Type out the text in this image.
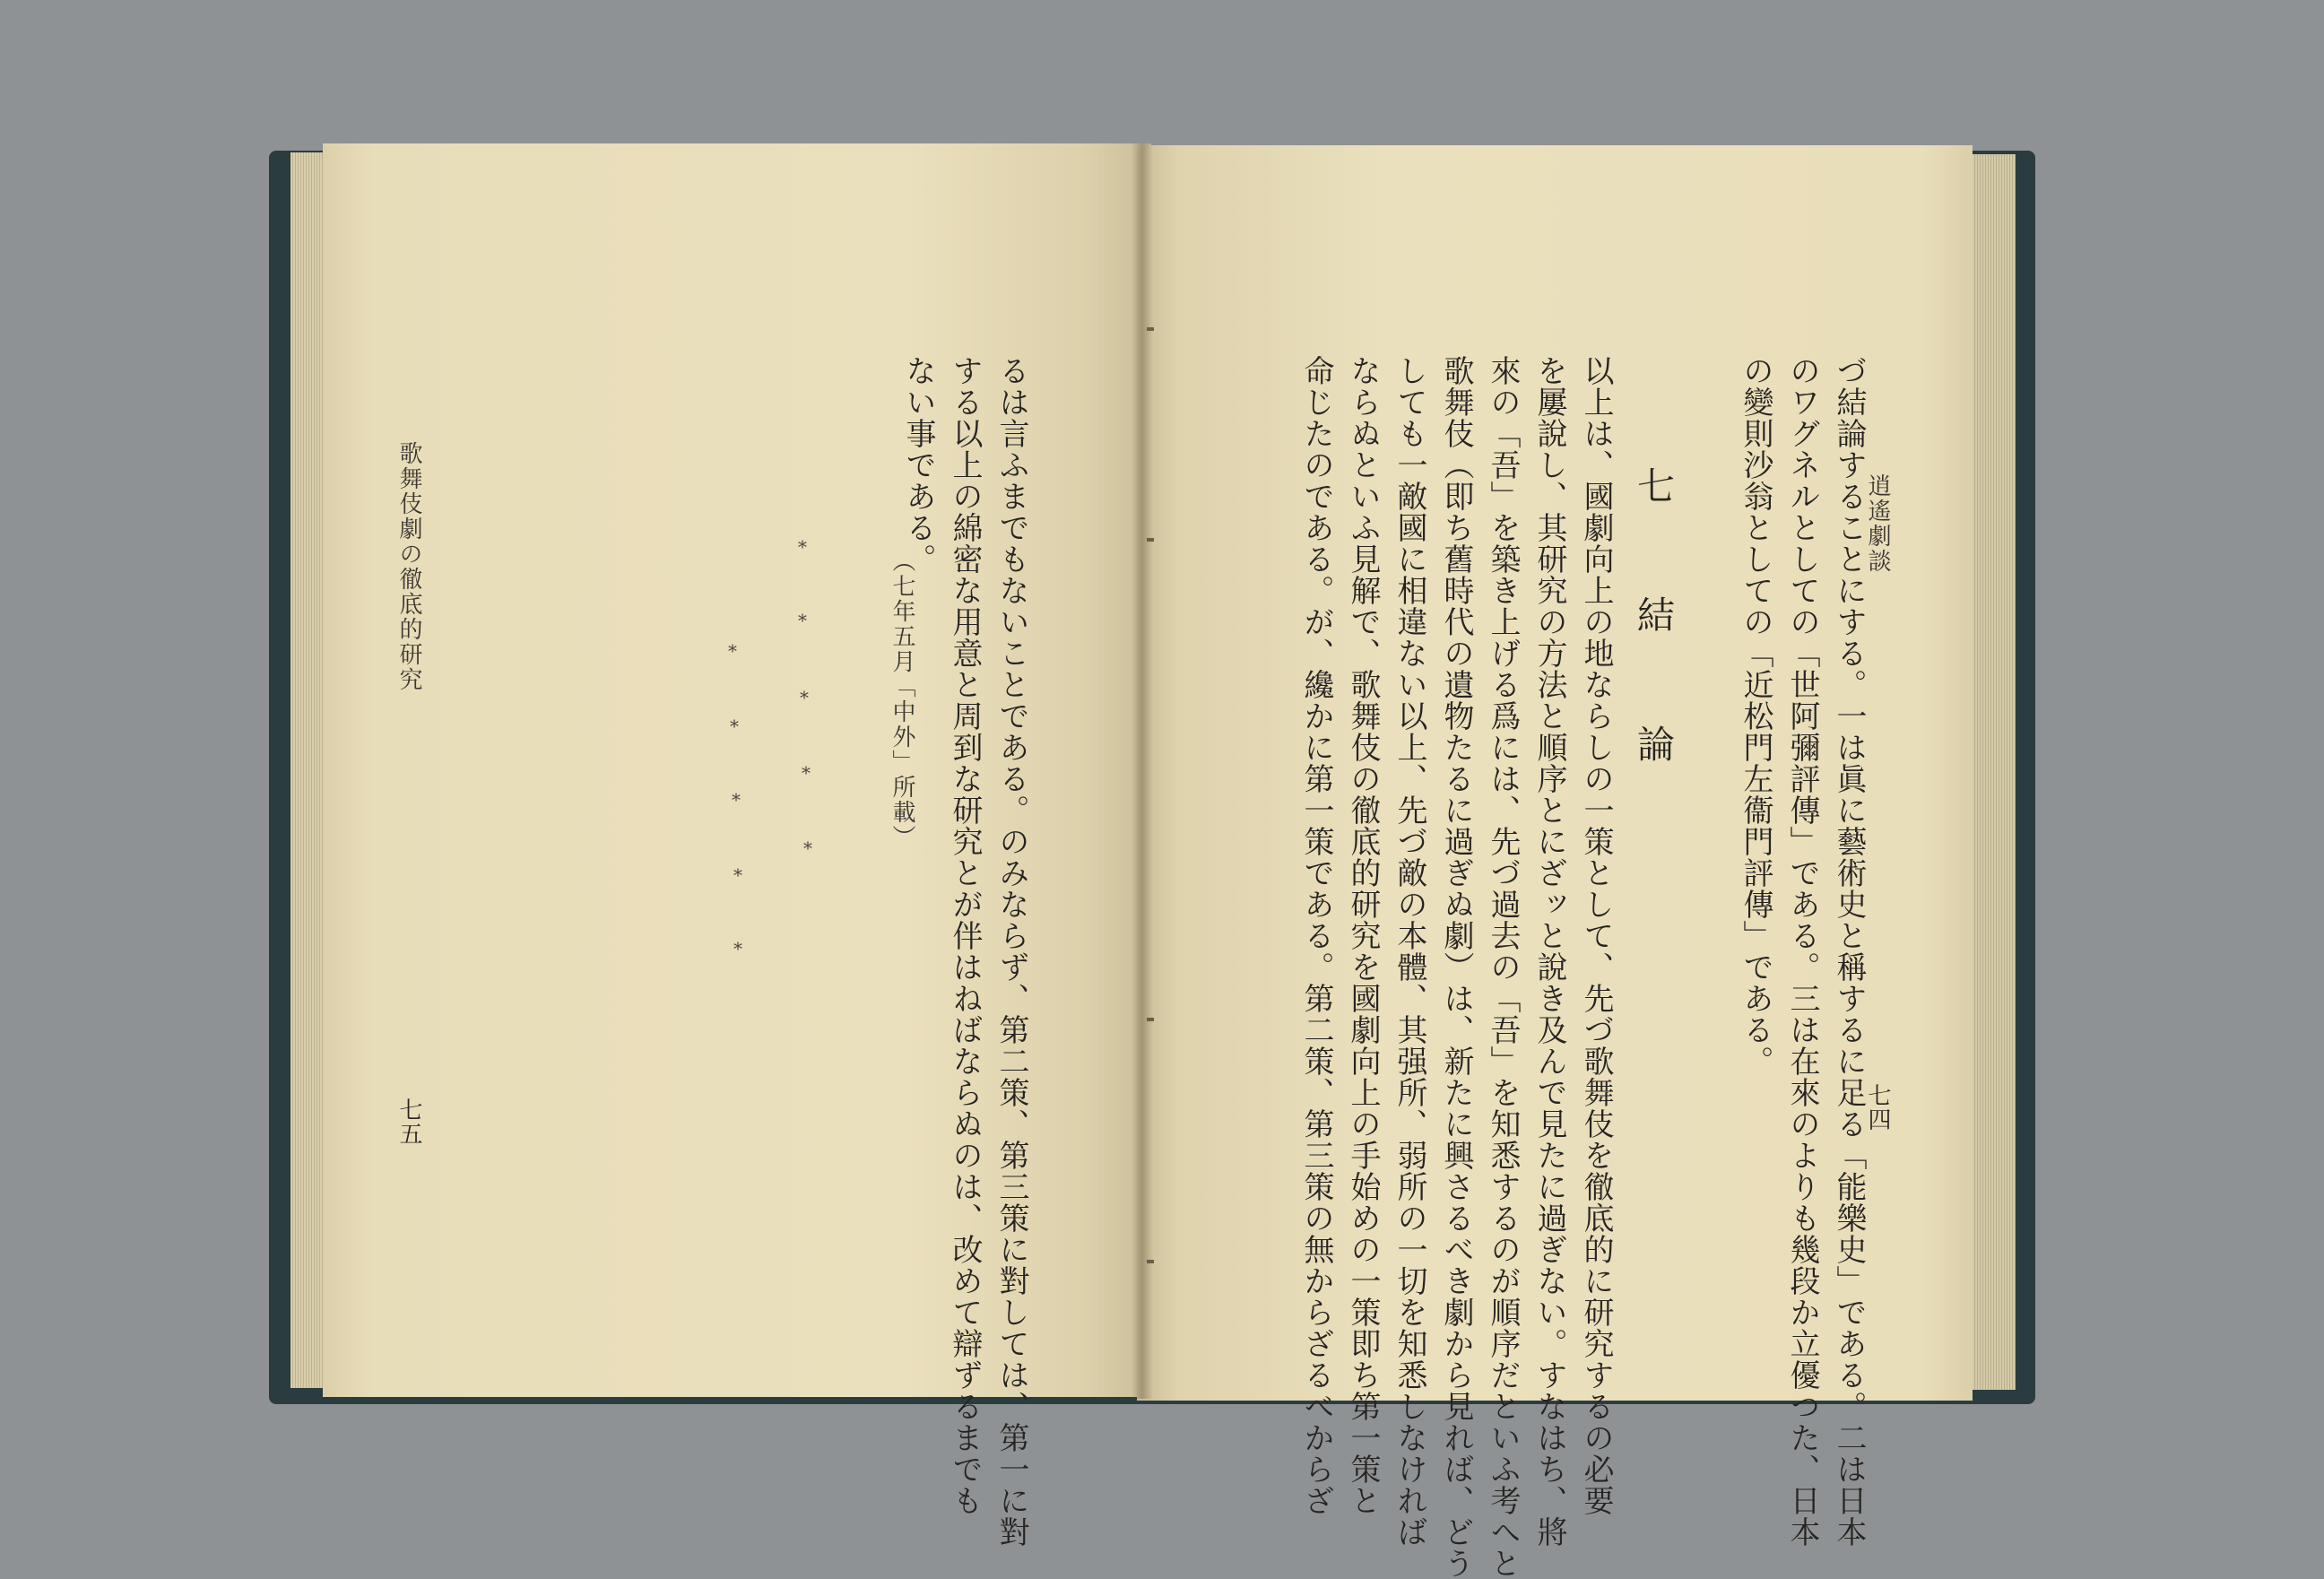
歌舞伎劇の徹底的研究
七五	るは言ふまでもないことである。のみならず、第二策、第三策に對しては、第一に對
する以上の綿密な用意と周到な研究とが伴はねばならぬのは、改めて辯ずるまでも
ない事である。
（七年五月「中外」所載）
*
*
*
*
*
*
*
*
*
*
逍遙劇談
七四
づ結論することにする。一は眞に藝術史と稱するに足る「能樂史」である。二は日本
のワグネルとしての「世阿彌評傳」である。三は在來のよりも幾段か立優つた、日本
の變則沙翁としての「近松門左衞門評傳」である。
七　結　論
以上は、國劇向上の地ならしの一策として、先づ歌舞伎を徹底的に研究するの必要
を屢說し、其研究の方法と順序とにざッと說き及んで見たに過ぎない。すなはち、將
來の「吾」を築き上げる爲には、先づ過去の「吾」を知悉するのが順序だといふ考へと
歌舞伎（即ち舊時代の遺物たるに過ぎぬ劇）は、新たに興さるべき劇から見れば、どう
しても一敵國に相違ない以上、先づ敵の本體、其强所、弱所の一切を知悉しなければ
ならぬといふ見解で、歌舞伎の徹底的研究を國劇向上の手始めの一策即ち第一策と
命じたのである。が、纔かに第一策である。第二策、第三策の無からざるべからざ
